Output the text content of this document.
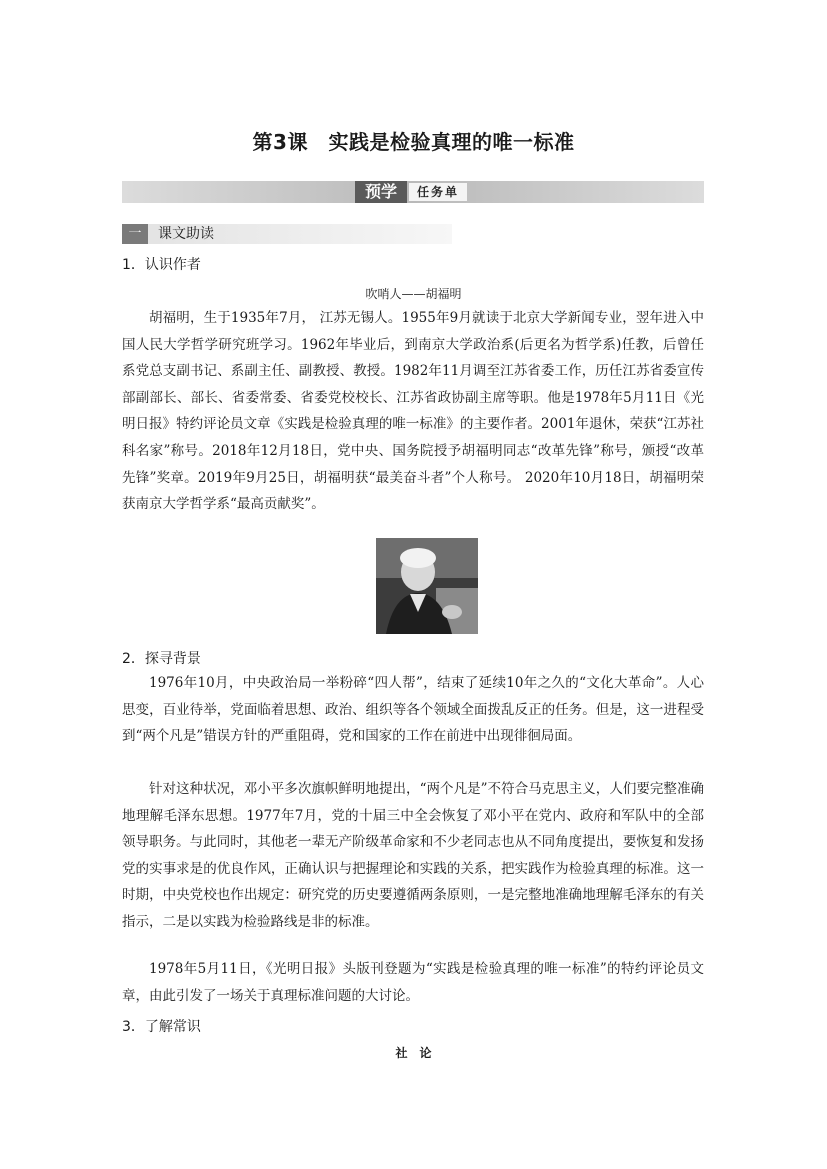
第3课　实践是检验真理的唯一标准
预学	任务单
一	课文助读
1．认识作者
吹哨人——胡福明

胡福明，生于1935年7月， 江苏无锡人。1955年9月就读于北京大学新闻专业，翌年进入中国人民大学哲学研究班学习。1962年毕业后，到南京大学政治系(后更名为哲学系)任教，后曾任系党总支副书记、系副主任、副教授、教授。1982年11月调至江苏省委工作，历任江苏省委宣传部副部长、部长、省委常委、省委党校校长、江苏省政协副主席等职。他是1978年5月11日《光明日报》特约评论员文章《实践是检验真理的唯一标准》的主要作者。2001年退休，荣获“江苏社科名家”称号。2018年12月18日，党中央、国务院授予胡福明同志“改革先锋”称号，颁授“改革先锋”奖章。2019年9月25日，胡福明获“最美奋斗者”个人称号。 2020年10月18日，胡福明荣获南京大学哲学系“最高贡献奖”。

2．探寻背景

1976年10月，中央政治局一举粉碎“四人帮”，结束了延续10年之久的“文化大革命”。人心思变，百业待举，党面临着思想、政治、组织等各个领域全面拨乱反正的任务。但是，这一进程受到“两个凡是”错误方针的严重阻碍，党和国家的工作在前进中出现徘徊局面。

针对这种状况，邓小平多次旗帜鲜明地提出，“两个凡是”不符合马克思主义，人们要完整准确地理解毛泽东思想。1977年7月，党的十届三中全会恢复了邓小平在党内、政府和军队中的全部领导职务。与此同时，其他老一辈无产阶级革命家和不少老同志也从不同角度提出，要恢复和发扬党的实事求是的优良作风，正确认识与把握理论和实践的关系，把实践作为检验真理的标准。这一时期，中央党校也作出规定：研究党的历史要遵循两条原则，一是完整地准确地理解毛泽东的有关指示，二是以实践为检验路线是非的标准。

1978年5月11日，《光明日报》头版刊登题为“实践是检验真理的唯一标准”的特约评论员文章，由此引发了一场关于真理标准问题的大讨论。

3．了解常识
社　论
